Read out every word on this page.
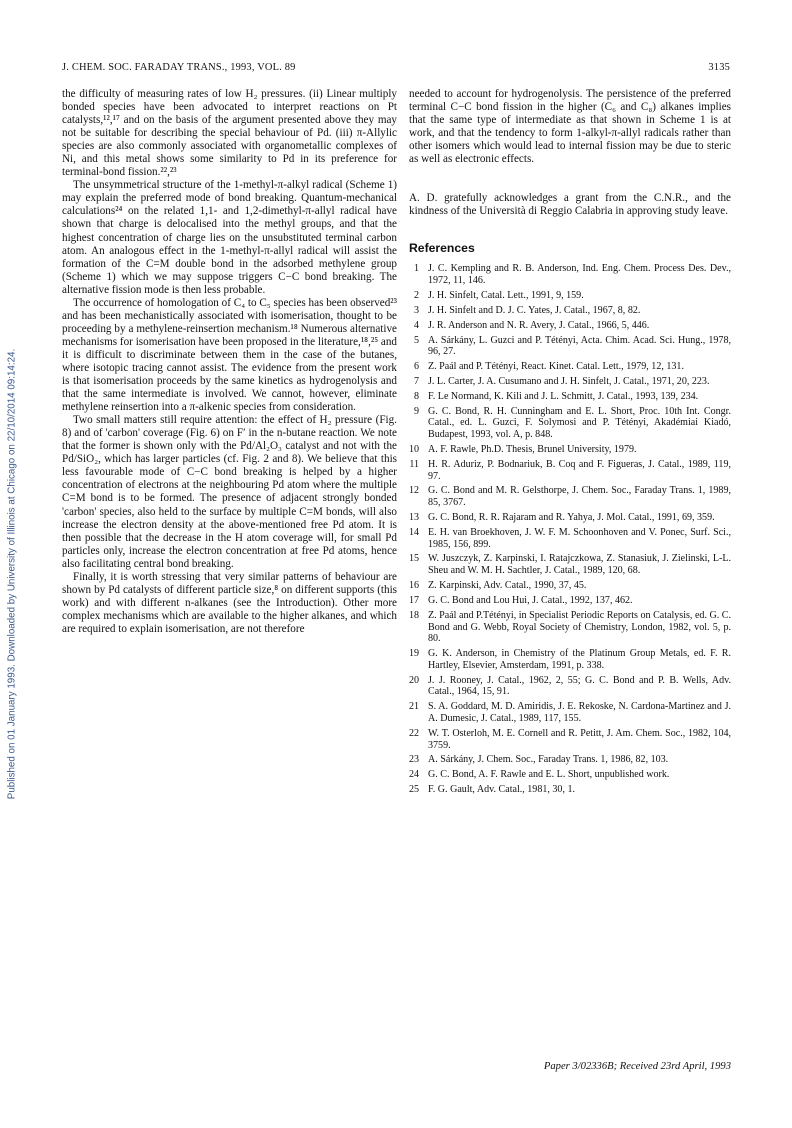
Published on 01 January 1993. Downloaded by University of Illinois at Chicago on 22/10/2014 09:14:24.
J. CHEM. SOC. FARADAY TRANS., 1993, VOL. 89	3135

the difficulty of measuring rates of low H₂ pressures. (ii) Linear multiply bonded species have been advocated to interpret reactions on Pt catalysts,¹²,¹⁷ and on the basis of the argument presented above they may not be suitable for describing the special behaviour of Pd. (iii) π-Allylic species are also commonly associated with organometallic complexes of Ni, and this metal shows some similarity to Pd in its preference for terminal-bond fission.²²,²³

The unsymmetrical structure of the 1-methyl-π-alkyl radical (Scheme 1) may explain the preferred mode of bond breaking. Quantum-mechanical calculations²⁴ on the related 1,1- and 1,2-dimethyl-π-allyl radical have shown that charge is delocalised into the methyl groups, and that the highest concentration of charge lies on the unsubstituted terminal carbon atom. An analogous effect in the 1-methyl-π-allyl radical will assist the formation of the C=M double bond in the adsorbed methylene group (Scheme 1) which we may suppose triggers C−C bond breaking. The alternative fission mode is then less probable.

The occurrence of homologation of C₄ to C₅ species has been observed²³ and has been mechanistically associated with isomerisation, thought to be proceeding by a methylene-reinsertion mechanism.¹⁸ Numerous alternative mechanisms for isomerisation have been proposed in the literature,¹⁸,²⁵ and it is difficult to discriminate between them in the case of the butanes, where isotopic tracing cannot assist. The evidence from the present work is that isomerisation proceeds by the same kinetics as hydrogenolysis and that the same intermediate is involved. We cannot, however, eliminate methylene reinsertion into a π-alkenic species from consideration.

Two small matters still require attention: the effect of H₂ pressure (Fig. 8) and of 'carbon' coverage (Fig. 6) on F′ in the n-butane reaction. We note that the former is shown only with the Pd/Al₂O₃ catalyst and not with the Pd/SiO₂, which has larger particles (cf. Fig. 2 and 8). We believe that this less favourable mode of C−C bond breaking is helped by a higher concentration of electrons at the neighbouring Pd atom where the multiple C=M bond is to be formed. The presence of adjacent strongly bonded 'carbon' species, also held to the surface by multiple C=M bonds, will also increase the electron density at the above-mentioned free Pd atom. It is then possible that the decrease in the H atom coverage will, for small Pd particles only, increase the electron concentration at free Pd atoms, hence also facilitating central bond breaking.

Finally, it is worth stressing that very similar patterns of behaviour are shown by Pd catalysts of different particle size,⁸ on different supports (this work) and with different n-alkanes (see the Introduction). Other more complex mechanisms which are available to the higher alkanes, and which are required to explain isomerisation, are not therefore

needed to account for hydrogenolysis. The persistence of the preferred terminal C−C bond fission in the higher (C₆ and C₈) alkanes implies that the same type of intermediate as that shown in Scheme 1 is at work, and that the tendency to form 1-alkyl-π-allyl radicals rather than other isomers which would lead to internal fission may be due to steric as well as electronic effects.

A. D. gratefully acknowledges a grant from the C.N.R., and the kindness of the Università di Reggio Calabria in approving study leave.

References
1 J. C. Kempling and R. B. Anderson, Ind. Eng. Chem. Process Des. Dev., 1972, 11, 146.
2 J. H. Sinfelt, Catal. Lett., 1991, 9, 159.
3 J. H. Sinfelt and D. J. C. Yates, J. Catal., 1967, 8, 82.
4 J. R. Anderson and N. R. Avery, J. Catal., 1966, 5, 446.
5 A. Sárkány, L. Guzci and P. Tétényi, Acta. Chim. Acad. Sci. Hung., 1978, 96, 27.
6 Z. Paál and P. Tétényi, React. Kinet. Catal. Lett., 1979, 12, 131.
7 J. L. Carter, J. A. Cusumano and J. H. Sinfelt, J. Catal., 1971, 20, 223.
8 F. Le Normand, K. Kili and J. L. Schmitt, J. Catal., 1993, 139, 234.
9 G. C. Bond, R. H. Cunningham and E. L. Short, Proc. 10th Int. Congr. Catal., ed. L. Guzci, F. Solymosi and P. Tétényi, Akadémiai Kiadó, Budapest, 1993, vol. A, p. 848.
10 A. F. Rawle, Ph.D. Thesis, Brunel University, 1979.
11 H. R. Aduriz, P. Bodnariuk, B. Coq and F. Figueras, J. Catal., 1989, 119, 97.
12 G. C. Bond and M. R. Gelsthorpe, J. Chem. Soc., Faraday Trans. 1, 1989, 85, 3767.
13 G. C. Bond, R. R. Rajaram and R. Yahya, J. Mol. Catal., 1991, 69, 359.
14 E. H. van Broekhoven, J. W. F. M. Schoonhoven and V. Ponec, Surf. Sci., 1985, 156, 899.
15 W. Juszczyk, Z. Karpinski, I. Ratajczkowa, Z. Stanasiuk, J. Zielinski, L-L. Sheu and W. M. H. Sachtler, J. Catal., 1989, 120, 68.
16 Z. Karpinski, Adv. Catal., 1990, 37, 45.
17 G. C. Bond and Lou Hui, J. Catal., 1992, 137, 462.
18 Z. Paál and P.Tétényi, in Specialist Periodic Reports on Catalysis, ed. G. C. Bond and G. Webb, Royal Society of Chemistry, London, 1982, vol. 5, p. 80.
19 G. K. Anderson, in Chemistry of the Platinum Group Metals, ed. F. R. Hartley, Elsevier, Amsterdam, 1991, p. 338.
20 J. J. Rooney, J. Catal., 1962, 2, 55; G. C. Bond and P. B. Wells, Adv. Catal., 1964, 15, 91.
21 S. A. Goddard, M. D. Amiridis, J. E. Rekoske, N. Cardona-Martinez and J. A. Dumesic, J. Catal., 1989, 117, 155.
22 W. T. Osterloh, M. E. Cornell and R. Petitt, J. Am. Chem. Soc., 1982, 104, 3759.
23 A. Sárkány, J. Chem. Soc., Faraday Trans. 1, 1986, 82, 103.
24 G. C. Bond, A. F. Rawle and E. L. Short, unpublished work.
25 F. G. Gault, Adv. Catal., 1981, 30, 1.
Paper 3/02336B; Received 23rd April, 1993
